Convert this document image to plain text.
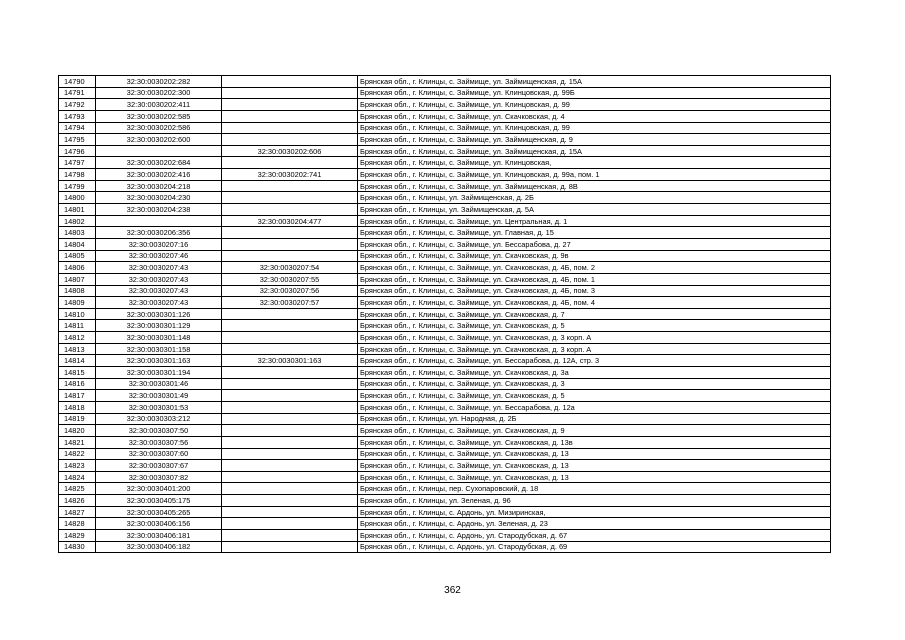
14790	32:30:0030202:282		Брянская обл., г. Клинцы, с. Займище, ул. Займищенская, д. 15А
14791	32:30:0030202:300		Брянская обл., г. Клинцы, с. Займище, ул. Клинцовская, д. 99Б
14792	32:30:0030202:411		Брянская обл., г. Клинцы, с. Займище, ул. Клинцовская, д. 99
14793	32:30:0030202:585		Брянская обл., г. Клинцы, с. Займище, ул. Скачковская, д. 4
14794	32:30:0030202:586		Брянская обл., г. Клинцы, с. Займище, ул. Клинцовская, д. 99
14795	32:30:0030202:600		Брянская обл., г. Клинцы, с. Займище, ул. Займищенская, д. 9
14796		32:30:0030202:606	Брянская обл., г. Клинцы, с. Займище, ул. Займищенская, д. 15А
14797	32:30:0030202:684		Брянская обл., г. Клинцы, с. Займище, ул. Клинцовская,
14798	32:30:0030202:416	32:30:0030202:741	Брянская обл., г. Клинцы, с. Займище, ул. Клинцовская, д. 99а, пом. 1
14799	32:30:0030204:218		Брянская обл., г. Клинцы, с. Займище, ул. Займищенская, д. 8В
14800	32:30:0030204:230		Брянская обл., г. Клинцы, ул. Займищенская, д. 2Б
14801	32:30:0030204:238		Брянская обл., г. Клинцы, ул. Займищенская, д. 5А
14802		32:30:0030204:477	Брянская обл., г. Клинцы, с. Займище, ул. Центральная, д. 1
14803	32:30:0030206:356		Брянская обл., г. Клинцы, с. Займище, ул. Главная, д. 15
14804	32:30:0030207:16		Брянская обл., г. Клинцы, с. Займище, ул. Бессарабова, д. 27
14805	32:30:0030207:46		Брянская обл., г. Клинцы, с. Займище, ул. Скачковская, д. 9в
14806	32:30:0030207:43	32:30:0030207:54	Брянская обл., г. Клинцы, с. Займище, ул. Скачковская, д. 4Б, пом. 2
14807	32:30:0030207:43	32:30:0030207:55	Брянская обл., г. Клинцы, с. Займище, ул. Скачковская, д. 4Б, пом. 1
14808	32:30:0030207:43	32:30:0030207:56	Брянская обл., г. Клинцы, с. Займище, ул. Скачковская, д. 4Б, пом. 3
14809	32:30:0030207:43	32:30:0030207:57	Брянская обл., г. Клинцы, с. Займище, ул. Скачковская, д. 4Б, пом. 4
14810	32:30:0030301:126		Брянская обл., г. Клинцы, с. Займище, ул. Скачковская, д. 7
14811	32:30:0030301:129		Брянская обл., г. Клинцы, с. Займище, ул. Скачковская, д. 5
14812	32:30:0030301:148		Брянская обл., г. Клинцы, с. Займище, ул. Скачковская, д. 3 корп. А
14813	32:30:0030301:158		Брянская обл., г. Клинцы, с. Займище, ул. Скачковская, д. 3 корп. А
14814	32:30:0030301:163	32:30:0030301:163	Брянская обл., г. Клинцы, с. Займище, ул. Бессарабова, д. 12А, стр. 3
14815	32:30:0030301:194		Брянская обл., г. Клинцы, с. Займище, ул. Скачковская, д. 3а
14816	32:30:0030301:46		Брянская обл., г. Клинцы, с. Займище, ул. Скачковская, д. 3
14817	32:30:0030301:49		Брянская обл., г. Клинцы, с. Займище, ул. Скачковская, д. 5
14818	32:30:0030301:53		Брянская обл., г. Клинцы, с. Займище, ул. Бессарабова, д. 12а
14819	32:30:0030303:212		Брянская обл., г. Клинцы, ул. Народная, д. 2Б
14820	32:30:0030307:50		Брянская обл., г. Клинцы, с. Займище, ул. Скачковская, д. 9
14821	32:30:0030307:56		Брянская обл., г. Клинцы, с. Займище, ул. Скачковская, д. 13в
14822	32:30:0030307:60		Брянская обл., г. Клинцы, с. Займище, ул. Скачковская, д. 13
14823	32:30:0030307:67		Брянская обл., г. Клинцы, с. Займище, ул. Скачковская, д. 13
14824	32:30:0030307:82		Брянская обл., г. Клинцы, с. Займище, ул. Скачковская, д. 13
14825	32:30:0030401:200		Брянская обл., г. Клинцы, пер. Сухопаровский, д. 18
14826	32:30:0030405:175		Брянская обл., г. Клинцы, ул. Зеленая, д. 96
14827	32:30:0030405:265		Брянская обл., г. Клинцы, с. Ардонь, ул. Мизиринская,
14828	32:30:0030406:156		Брянская обл., г. Клинцы, с. Ардонь, ул. Зеленая, д. 23
14829	32:30:0030406:181		Брянская обл., г. Клинцы, с. Ардонь, ул. Стародубская, д. 67
14830	32:30:0030406:182		Брянская обл., г. Клинцы, с. Ардонь, ул. Стародубская, д. 69
362
